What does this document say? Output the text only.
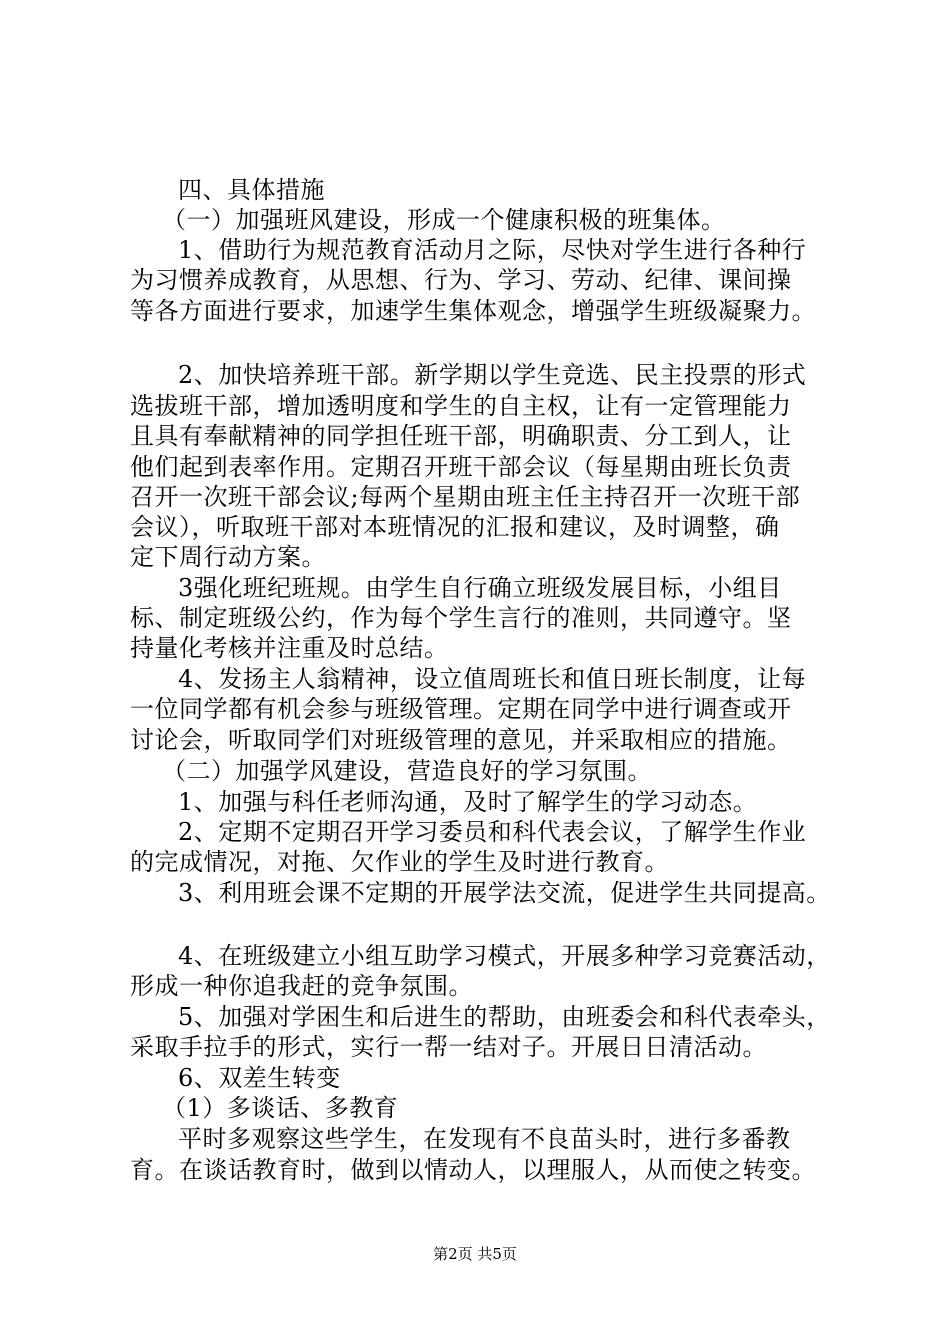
四、具体措施
（一）加强班风建设，形成一个健康积极的班集体。
1、借助行为规范教育活动月之际，尽快对学生进行各种行
为习惯养成教育，从思想、行为、学习、劳动、纪律、课间操
等各方面进行要求，加速学生集体观念，增强学生班级凝聚力。
2、加快培养班干部。新学期以学生竞选、民主投票的形式
选拔班干部，增加透明度和学生的自主权，让有一定管理能力
且具有奉献精神的同学担任班干部，明确职责、分工到人，让
他们起到表率作用。定期召开班干部会议（每星期由班长负责
召开一次班干部会议;每两个星期由班主任主持召开一次班干部
会议），听取班干部对本班情况的汇报和建议，及时调整，确
定下周行动方案。
3强化班纪班规。由学生自行确立班级发展目标，小组目
标、制定班级公约，作为每个学生言行的准则，共同遵守。坚
持量化考核并注重及时总结。
4、发扬主人翁精神，设立值周班长和值日班长制度，让每
一位同学都有机会参与班级管理。定期在同学中进行调查或开
讨论会，听取同学们对班级管理的意见，并采取相应的措施。
（二）加强学风建设，营造良好的学习氛围。
1、加强与科任老师沟通，及时了解学生的学习动态。
2、定期不定期召开学习委员和科代表会议，了解学生作业
的完成情况，对拖、欠作业的学生及时进行教育。
3、利用班会课不定期的开展学法交流，促进学生共同提高。
4、在班级建立小组互助学习模式，开展多种学习竞赛活动，
形成一种你追我赶的竞争氛围。
5、加强对学困生和后进生的帮助，由班委会和科代表牵头，
采取手拉手的形式，实行一帮一结对子。开展日日清活动。
6、双差生转变
（1）多谈话、多教育
平时多观察这些学生，在发现有不良苗头时，进行多番教
育。在谈话教育时，做到以情动人，以理服人，从而使之转变。
第2页 共5页
